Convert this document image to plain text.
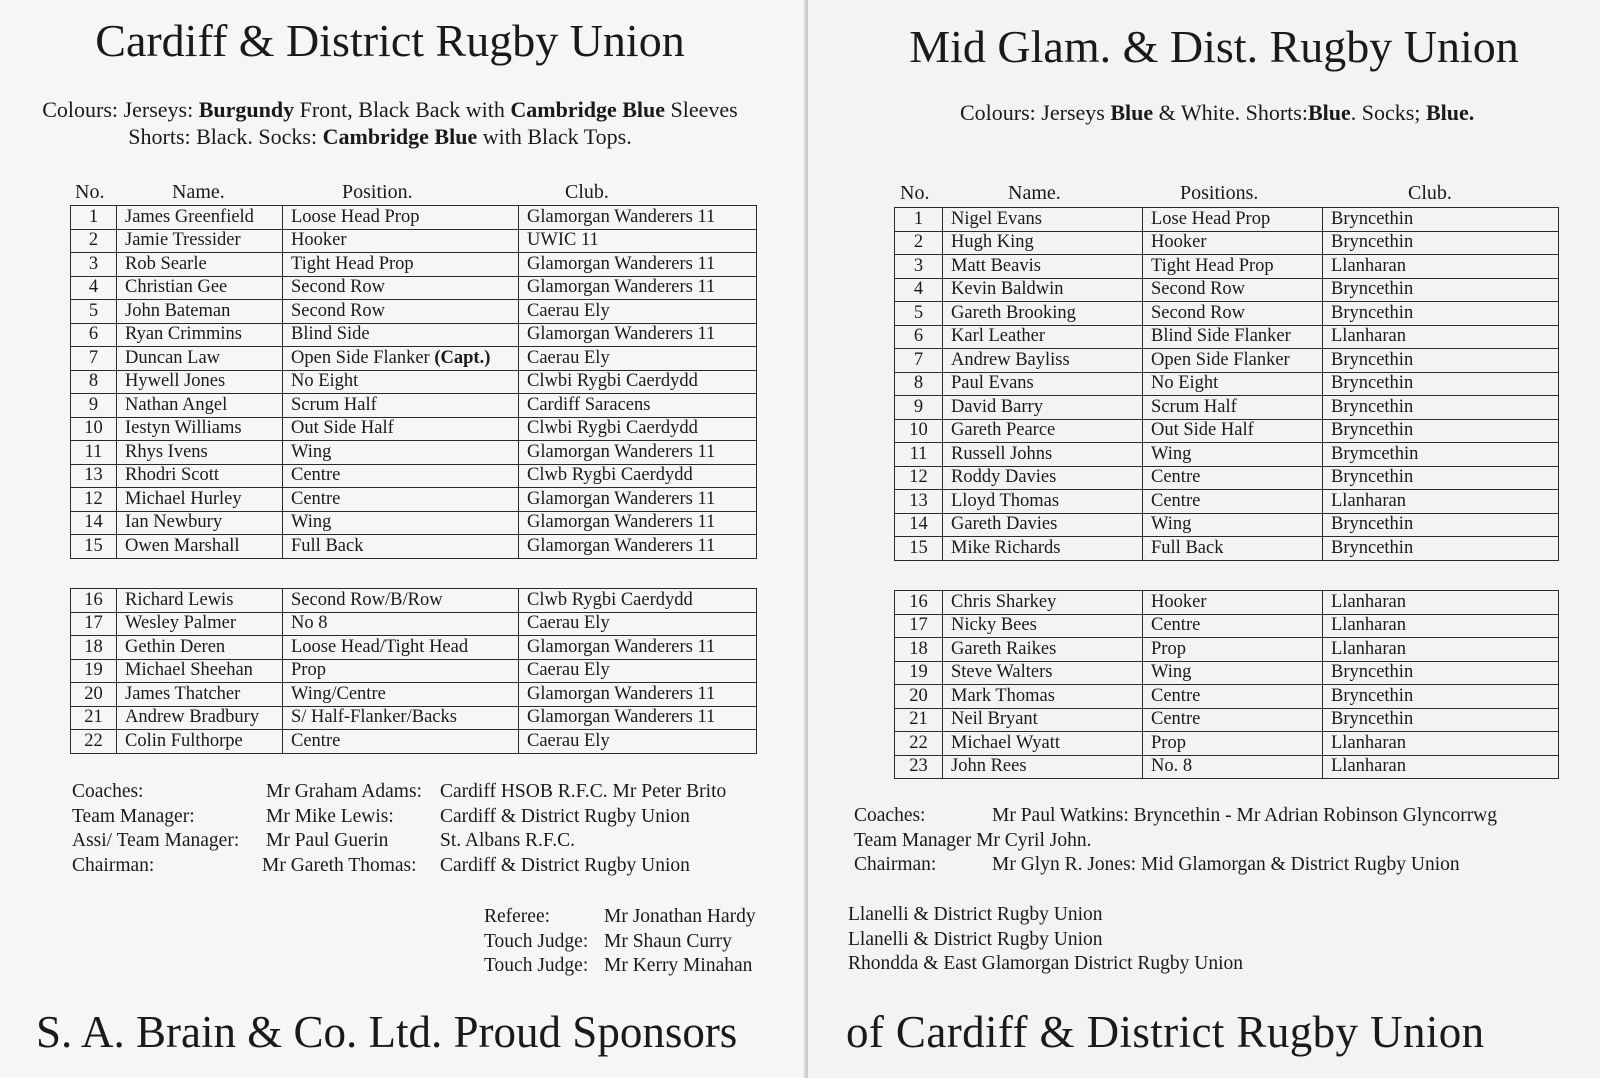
Cardiff & District Rugby Union
Colours: Jerseys: Burgundy Front, Black Back with Cambridge Blue Sleeves
Shorts: Black. Socks: Cambridge Blue with Black Tops.
No.	Name.	Position.	Club.
1	James Greenfield	Loose Head Prop	Glamorgan Wanderers 11
2	Jamie Tressider	Hooker	UWIC 11
3	Rob Searle	Tight Head Prop	Glamorgan Wanderers 11
4	Christian Gee	Second Row	Glamorgan Wanderers 11
5	John Bateman	Second Row	Caerau Ely
6	Ryan Crimmins	Blind Side	Glamorgan Wanderers 11
7	Duncan Law	Open Side Flanker (Capt.)	Caerau Ely
8	Hywell Jones	No Eight	Clwbi Rygbi Caerdydd
9	Nathan Angel	Scrum Half	Cardiff Saracens
10	Iestyn Williams	Out Side Half	Clwbi Rygbi Caerdydd
11	Rhys Ivens	Wing	Glamorgan Wanderers 11
13	Rhodri Scott	Centre	Clwb Rygbi Caerdydd
12	Michael Hurley	Centre	Glamorgan Wanderers 11
14	Ian Newbury	Wing	Glamorgan Wanderers 11
15	Owen Marshall	Full Back	Glamorgan Wanderers 11
16	Richard Lewis	Second Row/B/Row	Clwb Rygbi Caerdydd
17	Wesley Palmer	No 8	Caerau Ely
18	Gethin Deren	Loose Head/Tight Head	Glamorgan Wanderers 11
19	Michael Sheehan	Prop	Caerau Ely
20	James Thatcher	Wing/Centre	Glamorgan Wanderers 11
21	Andrew Bradbury	S/ Half-Flanker/Backs	Glamorgan Wanderers 11
22	Colin Fulthorpe	Centre	Caerau Ely
Coaches:	Mr Graham Adams: Cardiff HSOB R.F.C. Mr Peter Brito
Team Manager:	Mr Mike Lewis: Cardiff & District Rugby Union
Assi/ Team Manager: Mr Paul Guerin	St. Albans R.F.C.
Chairman:	Mr Gareth Thomas: Cardiff & District Rugby Union
Referee:	Mr Jonathan Hardy
Touch Judge: Mr Shaun Curry
Touch Judge: Mr Kerry Minahan
S. A. Brain & Co. Ltd. Proud Sponsors
Mid Glam. & Dist. Rugby Union
Colours: Jerseys Blue & White. Shorts:Blue. Socks; Blue.
No.	Name.	Positions.	Club.
1	Nigel Evans	Lose Head Prop	Bryncethin
2	Hugh King	Hooker	Bryncethin
3	Matt Beavis	Tight Head Prop	Llanharan
4	Kevin Baldwin	Second Row	Bryncethin
5	Gareth Brooking	Second Row	Bryncethin
6	Karl Leather	Blind Side Flanker	Llanharan
7	Andrew Bayliss	Open Side Flanker	Bryncethin
8	Paul Evans	No Eight	Bryncethin
9	David Barry	Scrum Half	Bryncethin
10	Gareth Pearce	Out Side Half	Bryncethin
11	Russell Johns	Wing	Brymcethin
12	Roddy Davies	Centre	Bryncethin
13	Lloyd Thomas	Centre	Llanharan
14	Gareth Davies	Wing	Bryncethin
15	Mike Richards	Full Back	Bryncethin
16	Chris Sharkey	Hooker	Llanharan
17	Nicky Bees	Centre	Llanharan
18	Gareth Raikes	Prop	Llanharan
19	Steve Walters	Wing	Bryncethin
20	Mark Thomas	Centre	Bryncethin
21	Neil Bryant	Centre	Bryncethin
22	Michael Wyatt	Prop	Llanharan
23	John Rees	No. 8	Llanharan
Coaches:	Mr Paul Watkins: Bryncethin - Mr Adrian Robinson Glyncorrwg
Team Manager Mr Cyril John.
Chairman:	Mr Glyn R. Jones: Mid Glamorgan & District Rugby Union
Llanelli & District Rugby Union
Llanelli & District Rugby Union
Rhondda & East Glamorgan District Rugby Union
of Cardiff & District Rugby Union
